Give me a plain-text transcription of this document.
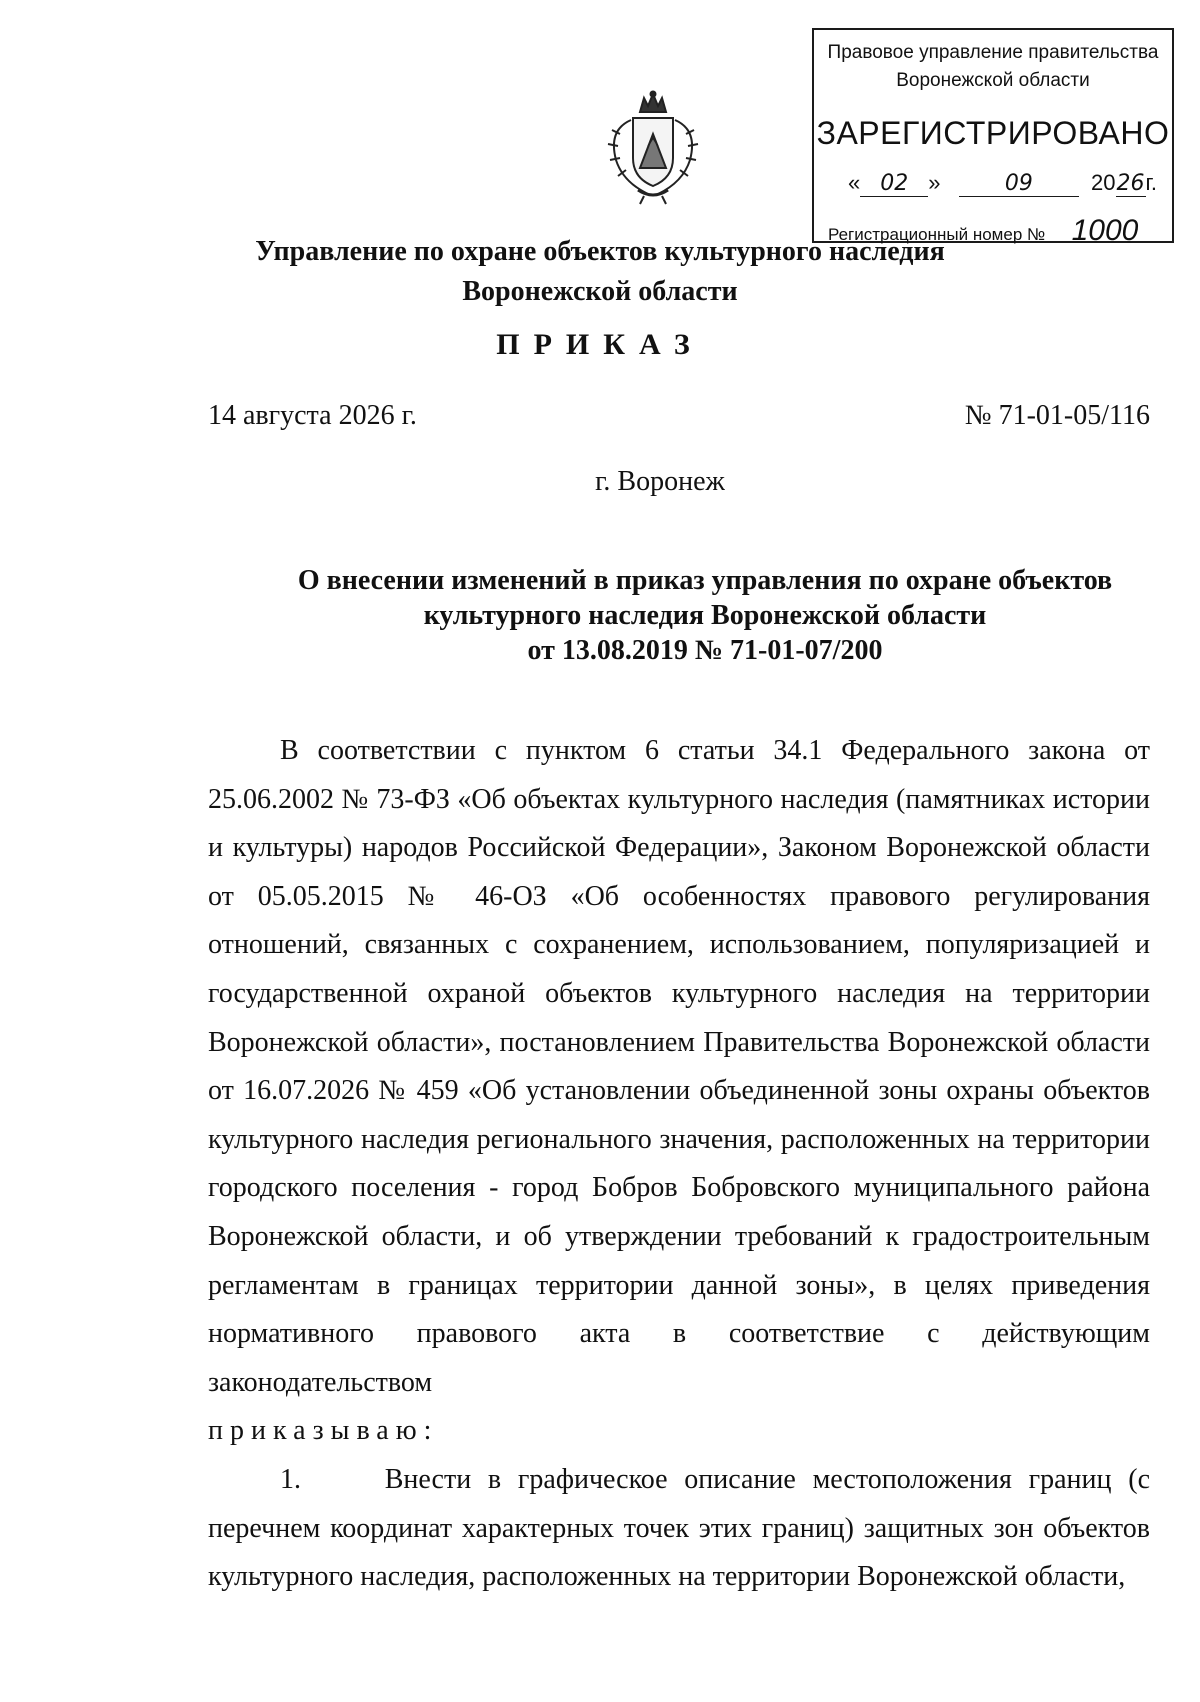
Правовое управление правительства
Воронежской области
ЗАРЕГИСТРИРОВАНО
« 02 »   09  2026г.
Регистрационный номер № 1000
Управление по охране объектов культурного наследия
Воронежской области
ПРИКАЗ
14 августа 2026 г.	№ 71-01-05/116
г. Воронеж
О внесении изменений в приказ управления по охране объектов
культурного наследия Воронежской области
от 13.08.2019 № 71-01-07/200

В соответствии с пунктом 6 статьи 34.1 Федерального закона от 25.06.2002 № 73-ФЗ «Об объектах культурного наследия (памятниках истории и культуры) народов Российской Федерации», Законом Воронежской области от 05.05.2015 № 46-ОЗ «Об особенностях правового регулирования отношений, связанных с сохранением, использованием, популяризацией и государственной охраной объектов культурного наследия на территории Воронежской области», постановлением Правительства Воронежской области от 16.07.2026 № 459 «Об установлении объединенной зоны охраны объектов культурного наследия регионального значения, расположенных на территории городского поселения - город Бобров Бобровского муниципального района Воронежской области, и об утверждении требований к градостроительным регламентам в границах территории данной зоны», в целях приведения нормативного правового акта в соответствие с действующим законодательством

приказываю:

1.     Внести в графическое описание местоположения границ (с перечнем координат характерных точек этих границ) защитных зон объектов культурного наследия, расположенных на территории Воронежской области,
